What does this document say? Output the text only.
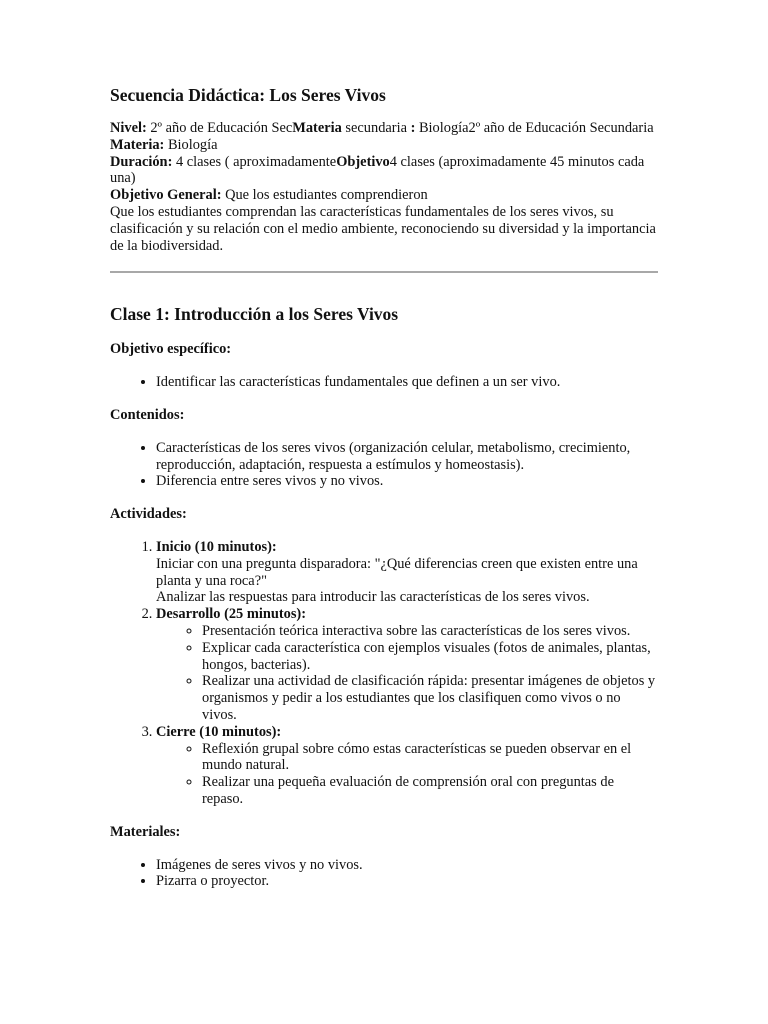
Secuencia Didáctica: Los Seres Vivos

Nivel: 2º año de Educación SecMateria secundaria : Biología2º año de Educación Secundaria

Materia: Biología

Duración: 4 clases ( aproximadamenteObjetivo4 clases (aproximadamente 45 minutos cada una)

Objetivo General: Que los estudiantes comprendieron

Que los estudiantes comprendan las características fundamentales de los seres vivos, su clasificación y su relación con el medio ambiente, reconociendo su diversidad y la importancia de la biodiversidad.

Clase 1: Introducción a los Seres Vivos
Objetivo específico:
• Identificar las características fundamentales que definen a un ser vivo.
Contenidos:
• Características de los seres vivos (organización celular, metabolismo, crecimiento, reproducción, adaptación, respuesta a estímulos y homeostasis).
• Diferencia entre seres vivos y no vivos.
Actividades:
1. Inicio (10 minutos):
Iniciar con una pregunta disparadora: "¿Qué diferencias creen que existen entre una planta y una roca?"
Analizar las respuestas para introducir las características de los seres vivos.
2. Desarrollo (25 minutos):
◦ Presentación teórica interactiva sobre las características de los seres vivos.
◦ Explicar cada característica con ejemplos visuales (fotos de animales, plantas, hongos, bacterias).
◦ Realizar una actividad de clasificación rápida: presentar imágenes de objetos y organismos y pedir a los estudiantes que los clasifiquen como vivos o no vivos.
3. Cierre (10 minutos):
◦ Reflexión grupal sobre cómo estas características se pueden observar en el mundo natural.
◦ Realizar una pequeña evaluación de comprensión oral con preguntas de repaso.
Materiales:
• Imágenes de seres vivos y no vivos.
• Pizarra o proyector.
